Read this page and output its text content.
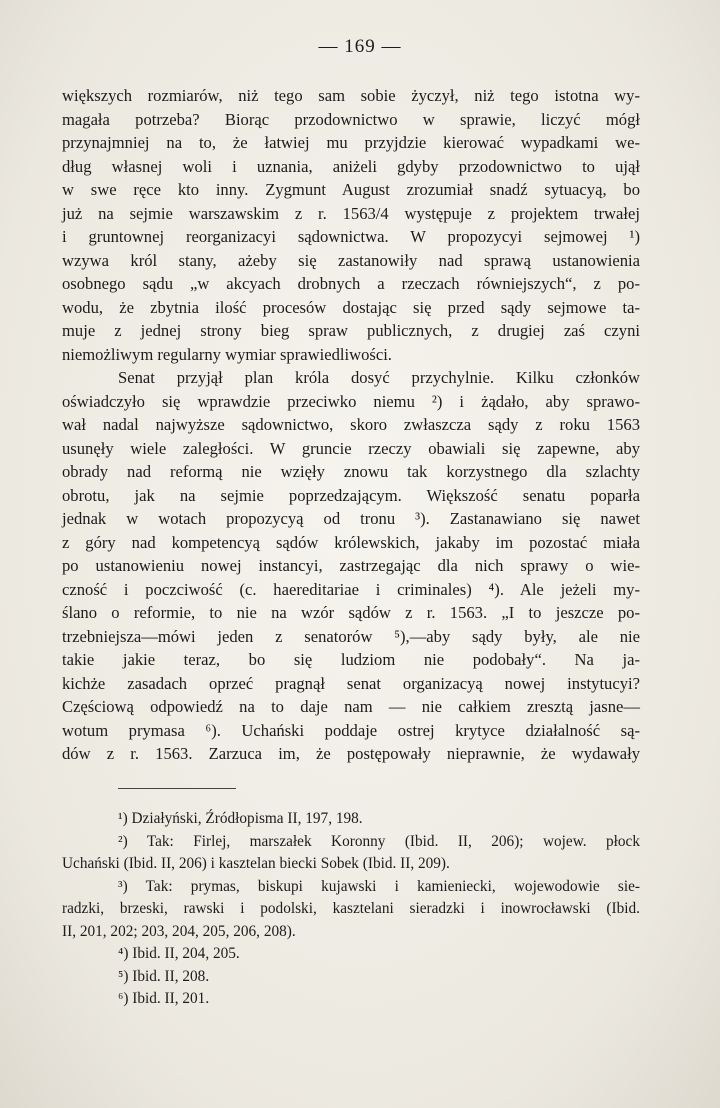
— 169 —
większych rozmiarów, niż tego sam sobie życzył, niż tego istotna wy-
magała potrzeba? Biorąc przodownictwo w sprawie, liczyć mógł
przynajmniej na to, że łatwiej mu przyjdzie kierować wypadkami we-
dług własnej woli i uznania, aniżeli gdyby przodownictwo to ujął
w swe ręce kto inny. Zygmunt August zrozumiał snadź sytuacyą, bo
już na sejmie warszawskim z r. 1563/4 występuje z projektem trwałej
i gruntownej reorganizacyi sądownictwa. W propozycyi sejmowej ¹)
wzywa król stany, ażeby się zastanowiły nad sprawą ustanowienia
osobnego sądu „w akcyach drobnych a rzeczach równiejszych“, z po-
wodu, że zbytnia ilość procesów dostając się przed sądy sejmowe ta-
muje z jednej strony bieg spraw publicznych, z drugiej zaś czyni
niemożliwym regularny wymiar sprawiedliwości.
Senat przyjął plan króla dosyć przychylnie. Kilku członków
oświadczyło się wprawdzie przeciwko niemu ²) i żądało, aby sprawo-
wał nadal najwyższe sądownictwo, skoro zwłaszcza sądy z roku 1563
usunęły wiele zaległości. W gruncie rzeczy obawiali się zapewne, aby
obrady nad reformą nie wzięły znowu tak korzystnego dla szlachty
obrotu, jak na sejmie poprzedzającym. Większość senatu poparła
jednak w wotach propozycyą od tronu ³). Zastanawiano się nawet
z góry nad kompetencyą sądów królewskich, jakaby im pozostać miała
po ustanowieniu nowej instancyi, zastrzegając dla nich sprawy o wie-
czność i poczciwość (c. haereditariae i criminales) ⁴). Ale jeżeli my-
ślano o reformie, to nie na wzór sądów z r. 1563. „I to jeszcze po-
trzebniejsza—mówi jeden z senatorów ⁵),—aby sądy były, ale nie
takie jakie teraz, bo się ludziom nie podobały“. Na ja-
kichże zasadach oprzeć pragnął senat organizacyą nowej instytucyi?
Częściową odpowiedź na to daje nam — nie całkiem zresztą jasne—
wotum prymasa ⁶). Uchański poddaje ostrej krytyce działalność są-
dów z r. 1563. Zarzuca im, że postępowały nieprawnie, że wydawały
¹) Działyński, Źródłopisma II, 197, 198.
²) Tak: Firlej, marszałek Koronny (Ibid. II, 206); wojew. płock
Uchański (Ibid. II, 206) i kasztelan biecki Sobek (Ibid. II, 209).
³) Tak: prymas, biskupi kujawski i kamieniecki, wojewodowie sie-
radzki, brzeski, rawski i podolski, kasztelani sieradzki i inowrocławski (Ibid.
II, 201, 202; 203, 204, 205, 206, 208).
⁴) Ibid. II, 204, 205.
⁵) Ibid. II, 208.
⁶) Ibid. II, 201.
